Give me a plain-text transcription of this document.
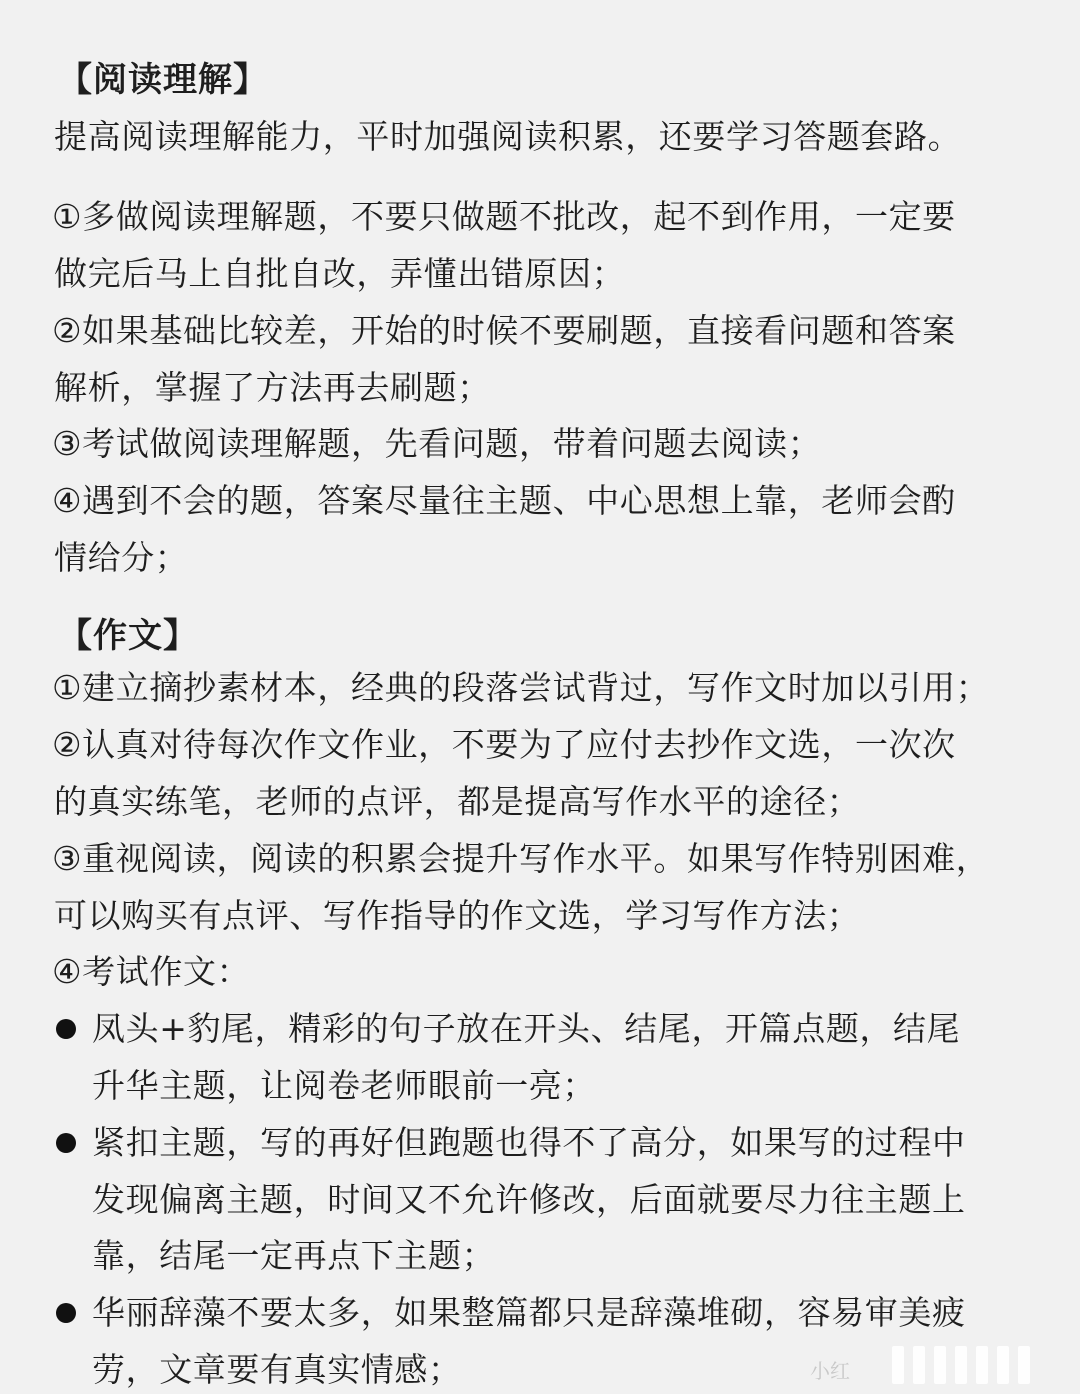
【阅读理解】
提高阅读理解能力，平时加强阅读积累，还要学习答题套路。
①多做阅读理解题，不要只做题不批改，起不到作用，一定要
做完后马上自批自改，弄懂出错原因；
②如果基础比较差，开始的时候不要刷题，直接看问题和答案
解析，掌握了方法再去刷题；
③考试做阅读理解题，先看问题，带着问题去阅读；
④遇到不会的题，答案尽量往主题、中心思想上靠，老师会酌
情给分；
【作文】
①建立摘抄素材本，经典的段落尝试背过，写作文时加以引用；
②认真对待每次作文作业，不要为了应付去抄作文选，一次次
的真实练笔，老师的点评，都是提高写作水平的途径；
③重视阅读，阅读的积累会提升写作水平。如果写作特别困难，
可以购买有点评、写作指导的作文选，学习写作方法；
④考试作文：
凤头+豹尾，精彩的句子放在开头、结尾，开篇点题，结尾
升华主题，让阅卷老师眼前一亮；
紧扣主题，写的再好但跑题也得不了高分，如果写的过程中
发现偏离主题，时间又不允许修改，后面就要尽力往主题上
靠，结尾一定再点下主题；
华丽辞藻不要太多，如果整篇都只是辞藻堆砌，容易审美疲
劳，文章要有真实情感；	小红
